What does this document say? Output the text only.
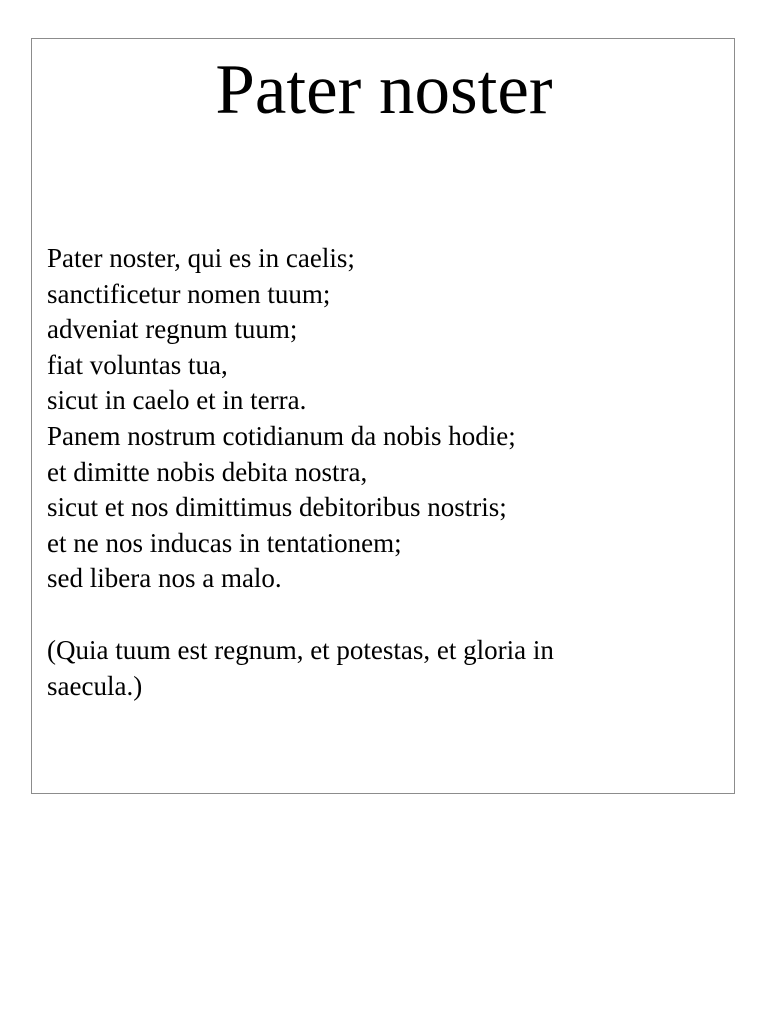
Pater noster
Pater noster, qui es in caelis;
sanctificetur nomen tuum;
adveniat regnum tuum;
fiat voluntas tua,
sicut in caelo et in terra.
Panem nostrum cotidianum da nobis hodie;
et dimitte nobis debita nostra,
sicut et nos dimittimus debitoribus nostris;
et ne nos inducas in tentationem;
sed libera nos a malo.
(Quia tuum est regnum, et potestas, et gloria in
saecula.)
